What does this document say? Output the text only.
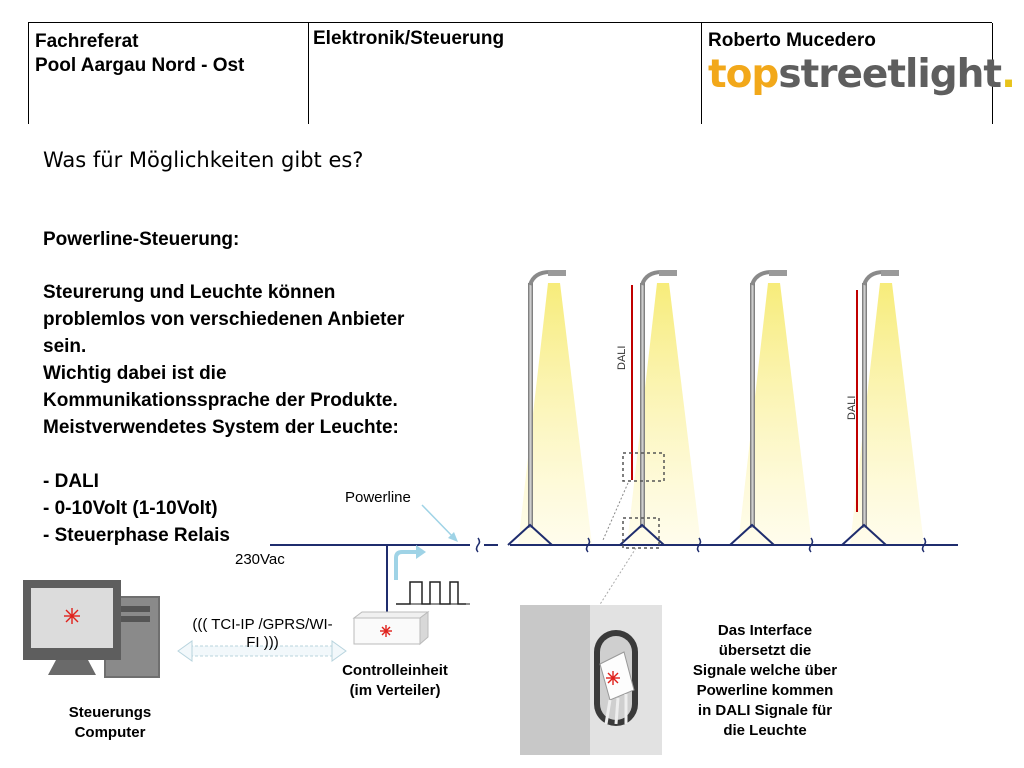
Fachreferat
Pool Aargau Nord - Ost
Elektronik/Steuerung	Roberto Mucedero
topstreetlight.
Was für Möglichkeiten gibt es?
Powerline-Steuerung:
Steurerung und Leuchte können
problemlos von verschiedenen Anbieter
sein.
Wichtig dabei ist die
Kommunikationssprache der Produkte.
Meistverwendetes System der Leuchte:
- DALI
- 0-10Volt (1-10Volt)
- Steuerphase Relais
Powerline
230Vac
DALI
DALI
((( TCI-IP /GPRS/WI-
FI )))
Controlleinheit
(im Verteiler)
Steuerungs
Computer
Das Interface
übersetzt die
Signale welche über
Powerline kommen
in DALI Signale für
die Leuchte
